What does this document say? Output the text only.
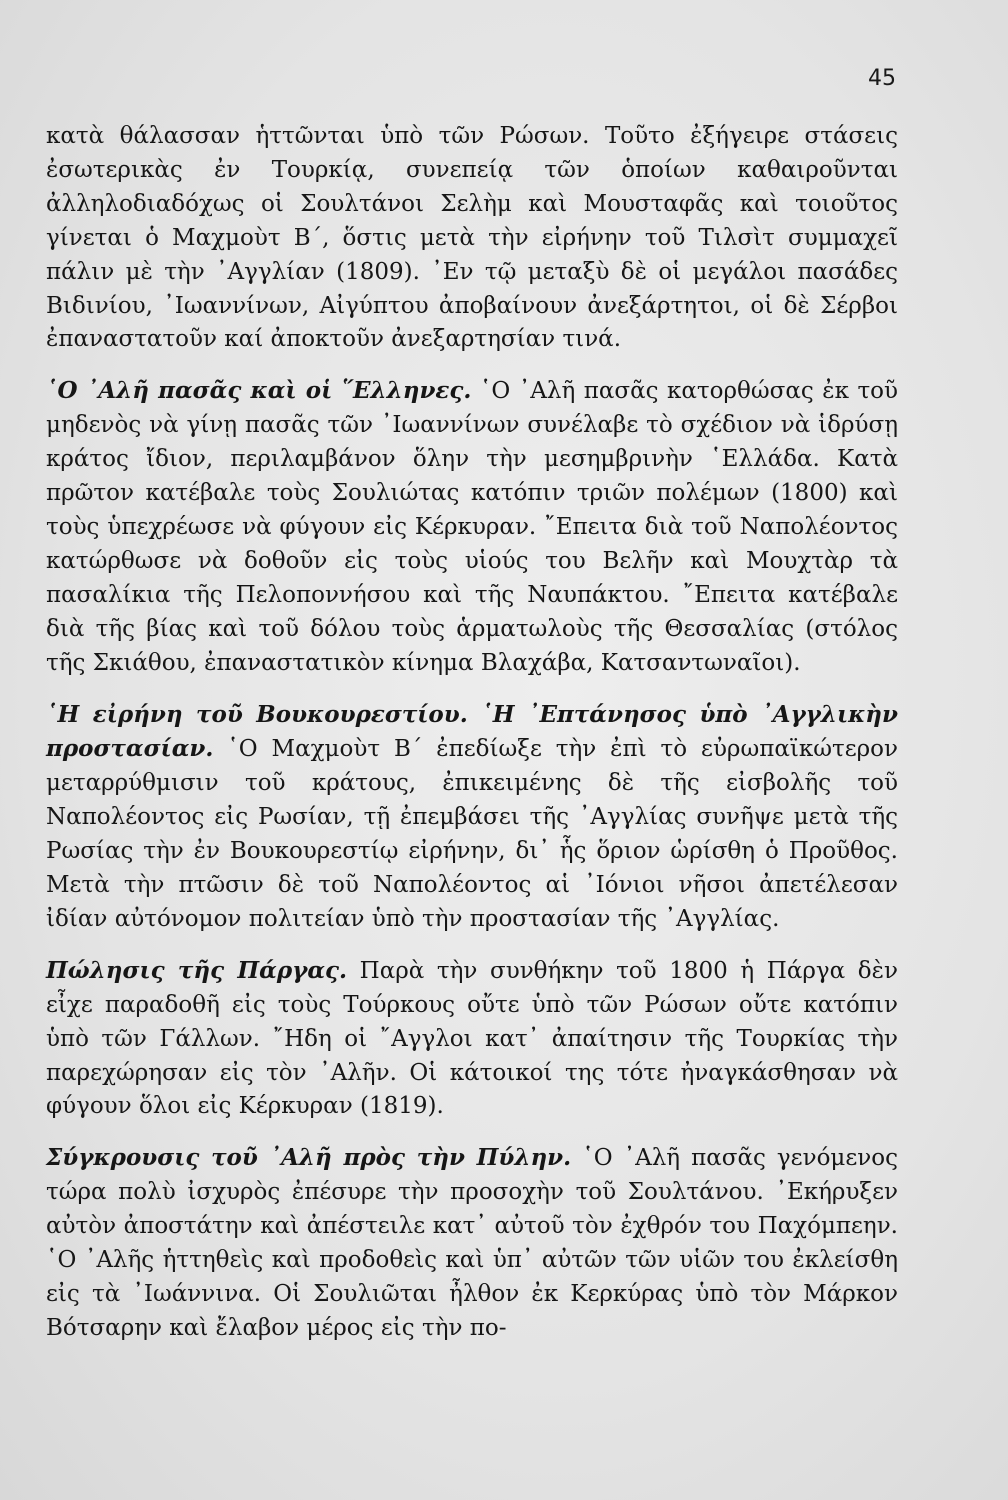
45

κατὰ θάλασσαν ἡττῶνται ὑπὸ τῶν Ρώσων. Τοῦτο ἐξήγειρε στάσεις ἐσωτερικὰς ἐν Τουρκίᾳ, συνεπείᾳ τῶν ὁποίων καθαιροῦνται ἀλληλοδιαδόχως οἱ Σουλτάνοι Σελὴμ καὶ Μουσταφᾶς καὶ τοιοῦτος γίνεται ὁ Μαχμοὺτ Β΄, ὅστις μετὰ τὴν εἰρήνην τοῦ Τιλσὶτ συμμαχεῖ πάλιν μὲ τὴν ᾿Αγγλίαν (1809). ᾿Εν τῷ μεταξὺ δὲ οἱ μεγάλοι πασάδες Βιδινίου, ᾿Ιωαννίνων, Αἰγύπτου ἀποβαίνουν ἀνεξάρτητοι, οἱ δὲ Σέρβοι ἐπαναστατοῦν καί ἀποκτοῦν ἀνεξαρτησίαν τινά.

῾Ο ᾿Αλῆ πασᾶς καὶ οἱ ῞Ελληνες. ῾Ο ᾿Αλῆ πασᾶς κατορθώσας ἐκ τοῦ μηδενὸς νὰ γίνῃ πασᾶς τῶν ᾿Ιωαννίνων συνέλαβε τὸ σχέδιον νὰ ἱδρύσῃ κράτος ἴδιον, περιλαμβάνον ὅλην τὴν μεσημβρινὴν ῾Ελλάδα. Κατὰ πρῶτον κατέβαλε τοὺς Σουλιώτας κατόπιν τριῶν πολέμων (1800) καὶ τοὺς ὑπεχρέωσε νὰ φύγουν εἰς Κέρκυραν. ῎Επειτα διὰ τοῦ Ναπολέοντος κατώρθωσε νὰ δοθοῦν εἰς τοὺς υἱούς του Βελῆν καὶ Μουχτὰρ τὰ πασαλίκια τῆς Πελοποννήσου καὶ τῆς Ναυπάκτου. ῎Επειτα κατέβαλε διὰ τῆς βίας καὶ τοῦ δόλου τοὺς ἁρματωλοὺς τῆς Θεσσαλίας (στόλος τῆς Σκιάθου, ἐπαναστατικὸν κίνημα Βλαχάβα, Κατσαντωναῖοι).

῾Η εἰρήνη τοῦ Βουκουρεστίου. ῾Η ᾿Επτάνησος ὑπὸ ᾿Αγγλικὴν προστασίαν. ῾Ο Μαχμοὺτ Β΄ ἐπεδίωξε τὴν ἐπὶ τὸ εὐρωπαϊκώτερον μεταρρύθμισιν τοῦ κράτους, ἐπικειμένης δὲ τῆς εἰσβολῆς τοῦ Ναπολέοντος εἰς Ρωσίαν, τῇ ἐπεμβάσει τῆς ᾿Αγγλίας συνῆψε μετὰ τῆς Ρωσίας τὴν ἐν Βουκουρεστίῳ εἰρήνην, δι᾽ ἧς ὅριον ὡρίσθη ὁ Προῦθος. Μετὰ τὴν πτῶσιν δὲ τοῦ Ναπολέοντος αἱ ᾿Ιόνιοι νῆσοι ἀπετέλεσαν ἰδίαν αὐτόνομον πολιτείαν ὑπὸ τὴν προστασίαν τῆς ᾿Αγγλίας.

Πώλησις τῆς Πάργας. Παρὰ τὴν συνθήκην τοῦ 1800 ἡ Πάργα δὲν εἶχε παραδοθῆ εἰς τοὺς Τούρκους οὔτε ὑπὸ τῶν Ρώσων οὔτε κατόπιν ὑπὸ τῶν Γάλλων. ῎Ηδη οἱ ῎Αγγλοι κατ᾽ ἀπαίτησιν τῆς Τουρκίας τὴν παρεχώρησαν εἰς τὸν ᾿Αλῆν. Οἱ κάτοικοί της τότε ἠναγκάσθησαν νὰ φύγουν ὅλοι εἰς Κέρκυραν (1819).

Σύγκρουσις τοῦ ᾿Αλῆ πρὸς τὴν Πύλην. ῾Ο ᾿Αλῆ πασᾶς γενόμενος τώρα πολὺ ἰσχυρὸς ἐπέσυρε τὴν προσοχὴν τοῦ Σουλτάνου. ᾿Εκήρυξεν αὐτὸν ἀποστάτην καὶ ἀπέστειλε κατ᾽ αὐτοῦ τὸν ἐχθρόν του Παχόμπεην. ῾Ο ᾿Αλῆς ἡττηθεὶς καὶ προδοθεὶς καὶ ὑπ᾽ αὐτῶν τῶν υἱῶν του ἐκλείσθη εἰς τὰ ᾿Ιωάννινα. Οἱ Σουλιῶται ἦλθον ἐκ Κερκύρας ὑπὸ τὸν Μάρκον Βότσαρην καὶ ἔλαβον μέρος εἰς τὴν πο-
